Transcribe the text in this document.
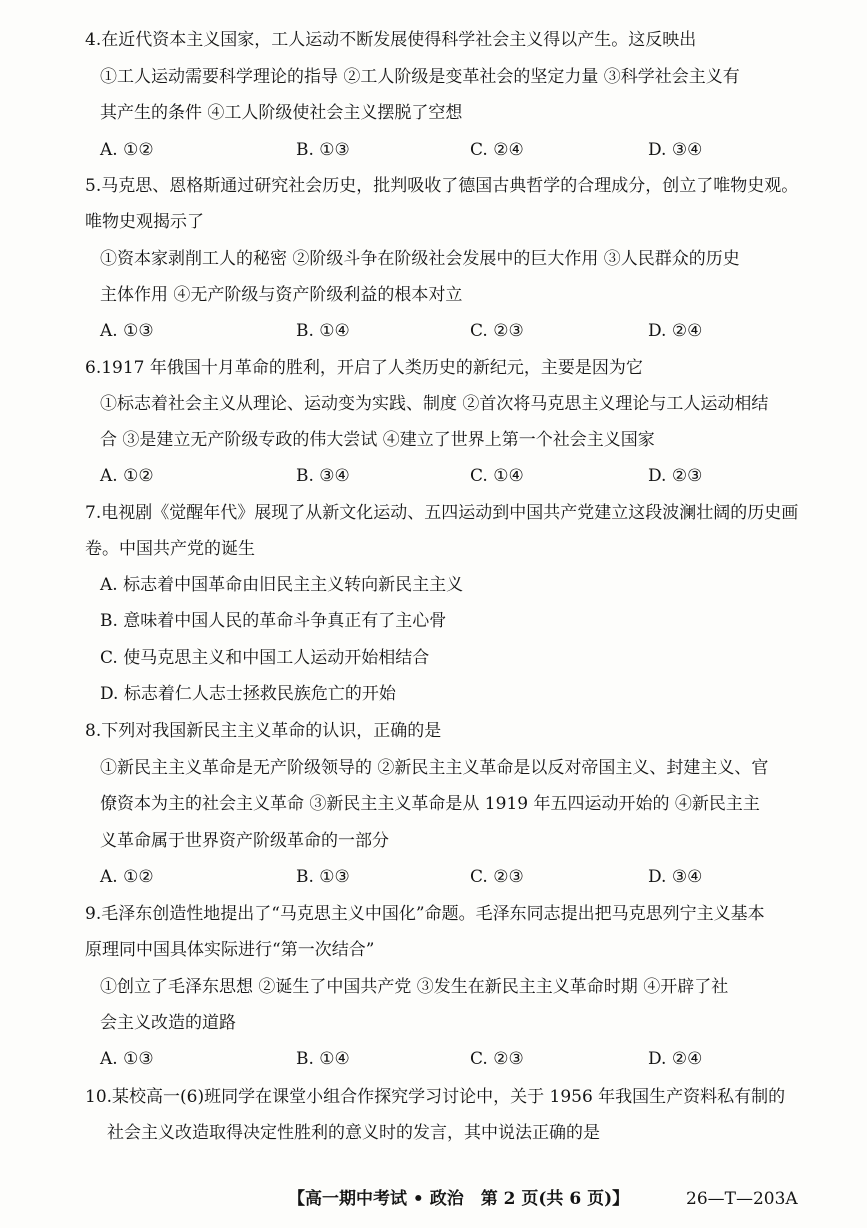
4.在近代资本主义国家，工人运动不断发展使得科学社会主义得以产生。这反映出
①工人运动需要科学理论的指导 ②工人阶级是变革社会的坚定力量 ③科学社会主义有
其产生的条件 ④工人阶级使社会主义摆脱了空想
A. ①②	B. ①③	C. ②④	D. ③④
5.马克思、恩格斯通过研究社会历史，批判吸收了德国古典哲学的合理成分，创立了唯物史观。
唯物史观揭示了
①资本家剥削工人的秘密 ②阶级斗争在阶级社会发展中的巨大作用 ③人民群众的历史
主体作用 ④无产阶级与资产阶级利益的根本对立
A. ①③	B. ①④	C. ②③	D. ②④
6.1917 年俄国十月革命的胜利，开启了人类历史的新纪元，主要是因为它
①标志着社会主义从理论、运动变为实践、制度 ②首次将马克思主义理论与工人运动相结
合 ③是建立无产阶级专政的伟大尝试 ④建立了世界上第一个社会主义国家
A. ①②	B. ③④	C. ①④	D. ②③
7.电视剧《觉醒年代》展现了从新文化运动、五四运动到中国共产党建立这段波澜壮阔的历史画
卷。中国共产党的诞生
A. 标志着中国革命由旧民主主义转向新民主主义
B. 意味着中国人民的革命斗争真正有了主心骨
C. 使马克思主义和中国工人运动开始相结合
D. 标志着仁人志士拯救民族危亡的开始
8.下列对我国新民主主义革命的认识，正确的是
①新民主主义革命是无产阶级领导的 ②新民主主义革命是以反对帝国主义、封建主义、官
僚资本为主的社会主义革命 ③新民主主义革命是从 1919 年五四运动开始的 ④新民主主
义革命属于世界资产阶级革命的一部分
A. ①②	B. ①③	C. ②③	D. ③④
9.毛泽东创造性地提出了“马克思主义中国化”命题。毛泽东同志提出把马克思列宁主义基本
原理同中国具体实际进行“第一次结合”
①创立了毛泽东思想 ②诞生了中国共产党 ③发生在新民主主义革命时期 ④开辟了社
会主义改造的道路
A. ①③	B. ①④	C. ②③	D. ②④
10.某校高一(6)班同学在课堂小组合作探究学习讨论中，关于 1956 年我国生产资料私有制的
社会主义改造取得决定性胜利的意义时的发言，其中说法正确的是
【高一期中考试 • 政治　第 2 页(共 6 页)】	26—T—203A
